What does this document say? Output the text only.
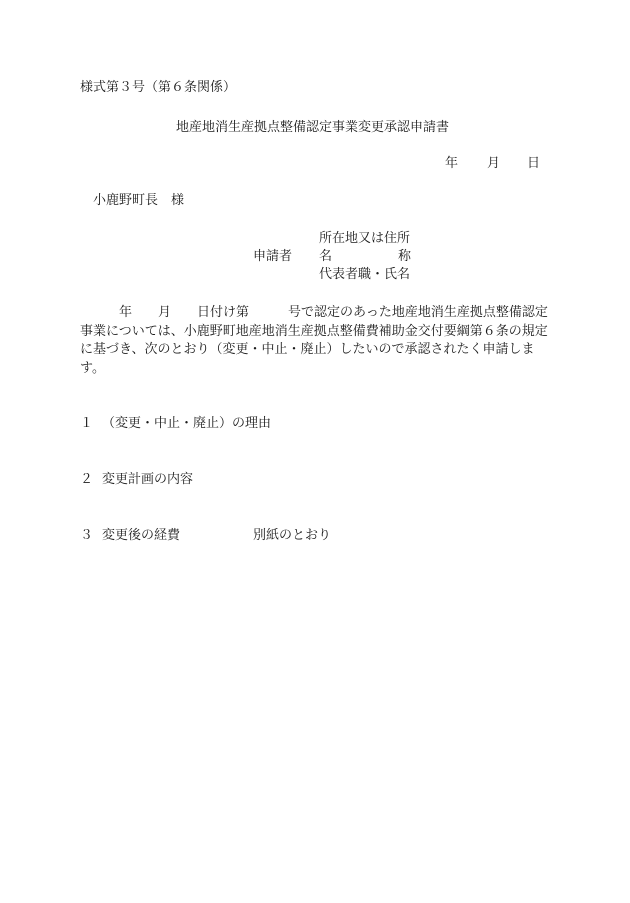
様式第３号（第６条関係）
地産地消生産拠点整備認定事業変更承認申請書
年 月 日
小鹿野町長　様
申請者
所在地又は住所
名	称
代表者職・氏名
年 月 日付け第	号で認定のあった地産地消生産拠点整備認定事業については、小鹿野町地産地消生産拠点整備費補助金交付要綱第６条の規定に基づき、次のとおり（変更・中止・廃止）したいので承認されたく申請します。
１ （変更・中止・廃止）の理由
２ 変更計画の内容
３ 変更後の経費	別紙のとおり
